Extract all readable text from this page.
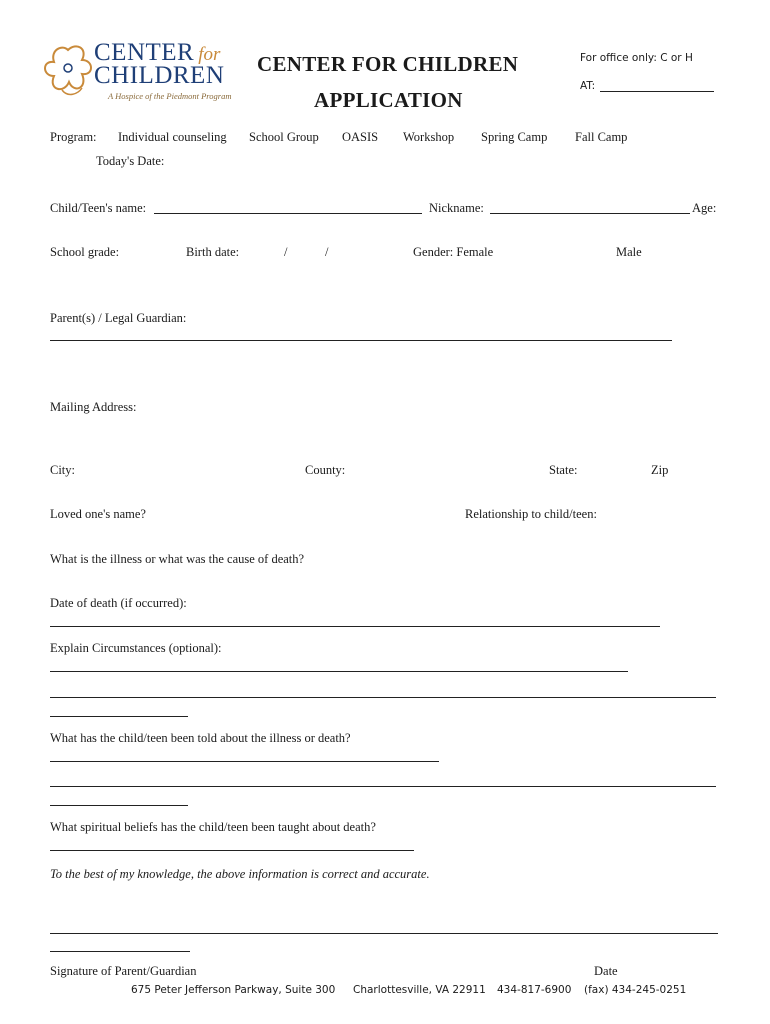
CENTER for
CHILDREN
A Hospice of the Piedmont Program
CENTER FOR CHILDREN
APPLICATION
For office only: C or H
AT:
Program: Individual counseling School Group OASIS Workshop Spring Camp Fall Camp
Today's Date:
Child/Teen's name:	Nickname:	Age:
School grade:	Birth date:	/	/	Gender: Female	Male
Parent(s) / Legal Guardian:
Mailing Address:
City:	County:	State:	Zip
Loved one's name?	Relationship to child/teen:
What is the illness or what was the cause of death?
Date of death (if occurred):
Explain Circumstances (optional):
What has the child/teen been told about the illness or death?
What spiritual beliefs has the child/teen been taught about death?
To the best of my knowledge, the above information is correct and accurate.
Signature of Parent/Guardian	Date
675 Peter Jefferson Parkway, Suite 300 Charlottesville, VA 22911 434-817-6900 (fax) 434-245-0251
